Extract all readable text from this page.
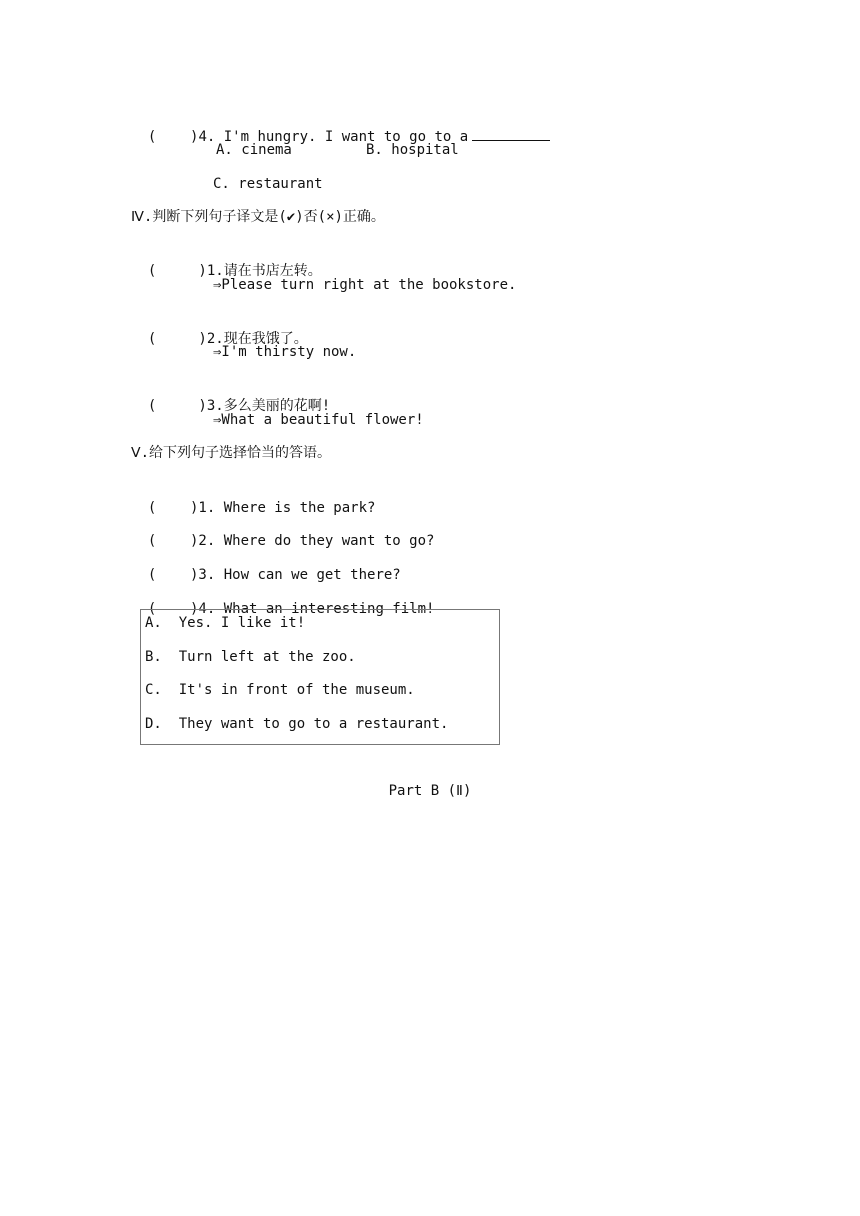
(    )4. I'm hungry. I want to go to a

A. cinema	B. hospital
C. restaurant
Ⅳ.判断下列句子译文是(✔)否(×)正确。

(     )1.请在书店左转。

⇒Please turn right at the bookstore.

(     )2.现在我饿了。

⇒I'm thirsty now.

(     )3.多么美丽的花啊!

⇒What a beautiful flower!
Ⅴ.给下列句子选择恰当的答语。

(    )1. Where is the park?

(    )2. Where do they want to go?

(    )3. How can we get there?

(    )4. What an interesting film!

A.  Yes. I like it!
B.  Turn left at the zoo.
C.  It's in front of the museum.
D.  They want to go to a restaurant.
Part B (Ⅱ)
